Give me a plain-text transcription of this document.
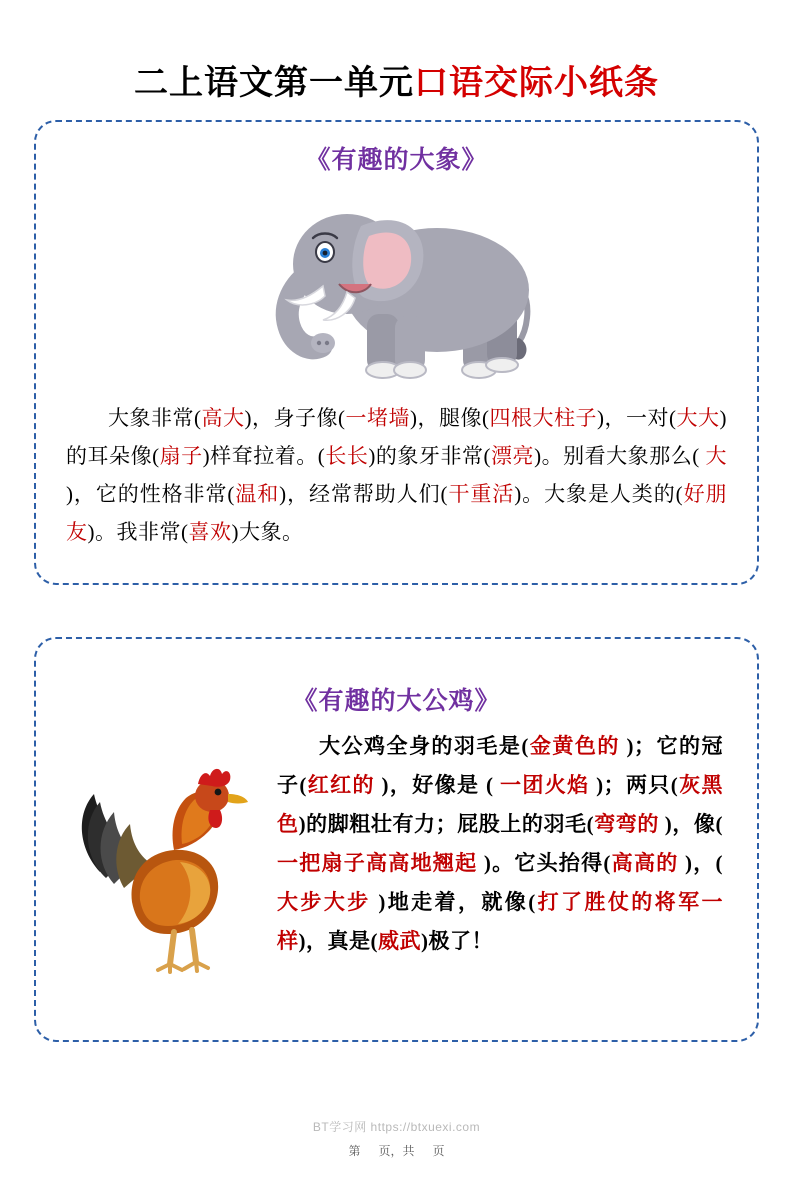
二上语文第一单元口语交际小纸条
《有趣的大象》
大象非常(高大)，身子像(一堵墙)，腿像(四根大柱子)，一对(大大)的耳朵像(扇子)样耷拉着。(长长)的象牙非常(漂亮)。别看大象那么( 大 )，它的性格非常(温和)，经常帮助人们(干重活)。大象是人类的(好朋友)。我非常(喜欢)大象。
《有趣的大公鸡》
大公鸡全身的羽毛是(金黄色的 )；它的冠子(红红的 )，好像是 ( 一团火焰 )；两只(灰黑色)的脚粗壮有力；屁股上的羽毛(弯弯的 )，像( 一把扇子高高地翘起 )。它头抬得(高高的 )，( 大步大步 )地走着，就像(打了胜仗的将军一样)，真是(威武)极了！
BT学习网 https://btxuexi.com
第 页，共 页
